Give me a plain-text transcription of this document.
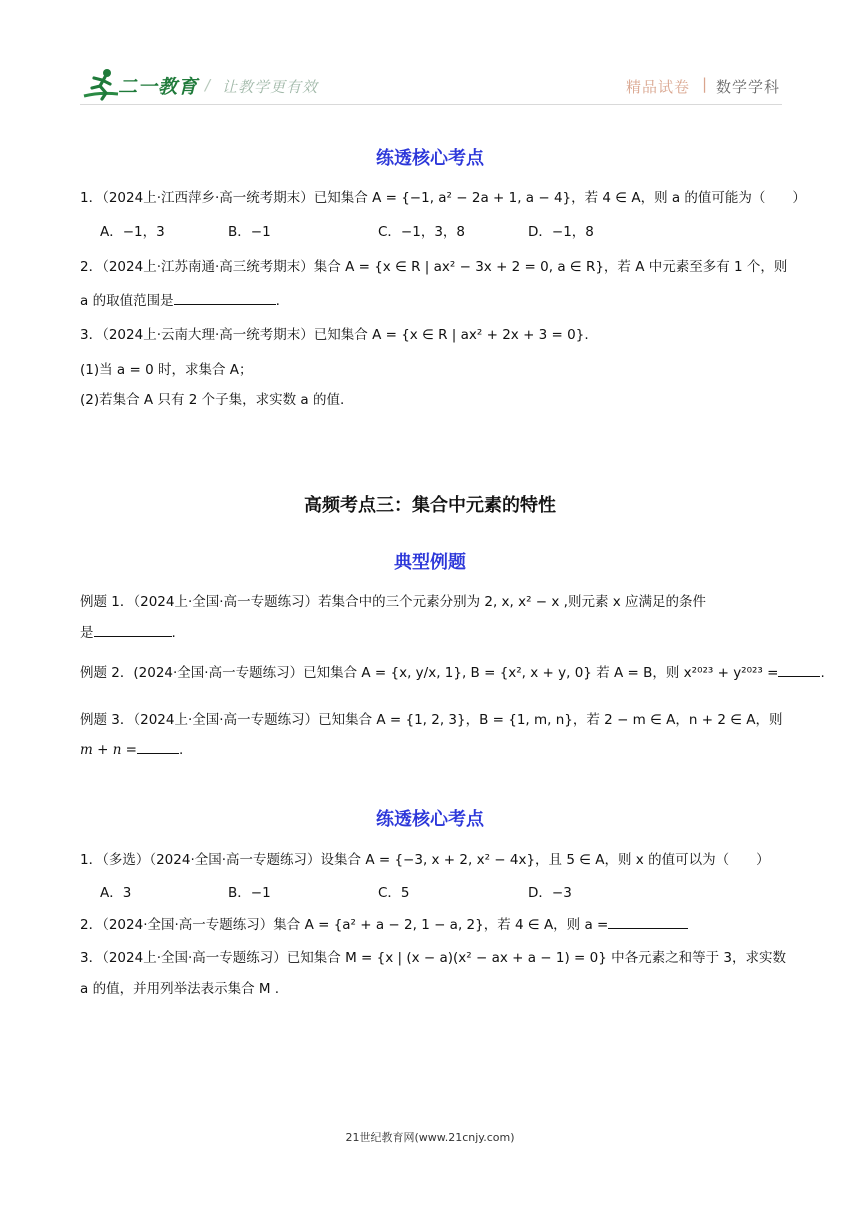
二一教育 / 让教学更有效	精品试卷 | 数学学科
练透核心考点
1．（2024上·江西萍乡·高一统考期末）已知集合 A = {−1, a² − 2a + 1, a − 4}，若 4 ∈ A，则 a 的值可能为（　　）
A．−1，3	B．−1	C．−1，3，8	D．−1，8
2．（2024上·江苏南通·高三统考期末）集合 A = {x ∈ R | ax² − 3x + 2 = 0, a ∈ R}，若 A 中元素至多有 1 个，则
a 的取值范围是	.
3．（2024上·云南大理·高一统考期末）已知集合 A = {x ∈ R | ax² + 2x + 3 = 0}.
(1)当 a = 0 时，求集合 A；
(2)若集合 A 只有 2 个子集，求实数 a 的值.
高频考点三：集合中元素的特性
典型例题
例题 1．（2024上·全国·高一专题练习）若集合中的三个元素分别为 2, x, x² − x ,则元素 x 应满足的条件
是	.
例题 2．(2024·全国·高一专题练习）已知集合 A = {x, y/x, 1}, B = {x², x + y, 0} 若 A = B，则 x²⁰²³ + y²⁰²³ =	.
例题 3．（2024上·全国·高一专题练习）已知集合 A = {1, 2, 3}，B = {1, m, n}，若 2 − m ∈ A，n + 2 ∈ A，则
m + n =	.
练透核心考点
1．（多选）（2024·全国·高一专题练习）设集合 A = {−3, x + 2, x² − 4x}，且 5 ∈ A，则 x 的值可以为（　　）
A．3	B．−1	C．5	D．−3
2．（2024·全国·高一专题练习）集合 A = {a² + a − 2, 1 − a, 2}，若 4 ∈ A，则 a =
3．（2024上·全国·高一专题练习）已知集合 M = {x | (x − a)(x² − ax + a − 1) = 0} 中各元素之和等于 3，求实数
a 的值，并用列举法表示集合 M .
21世纪教育网(www.21cnjy.com)
